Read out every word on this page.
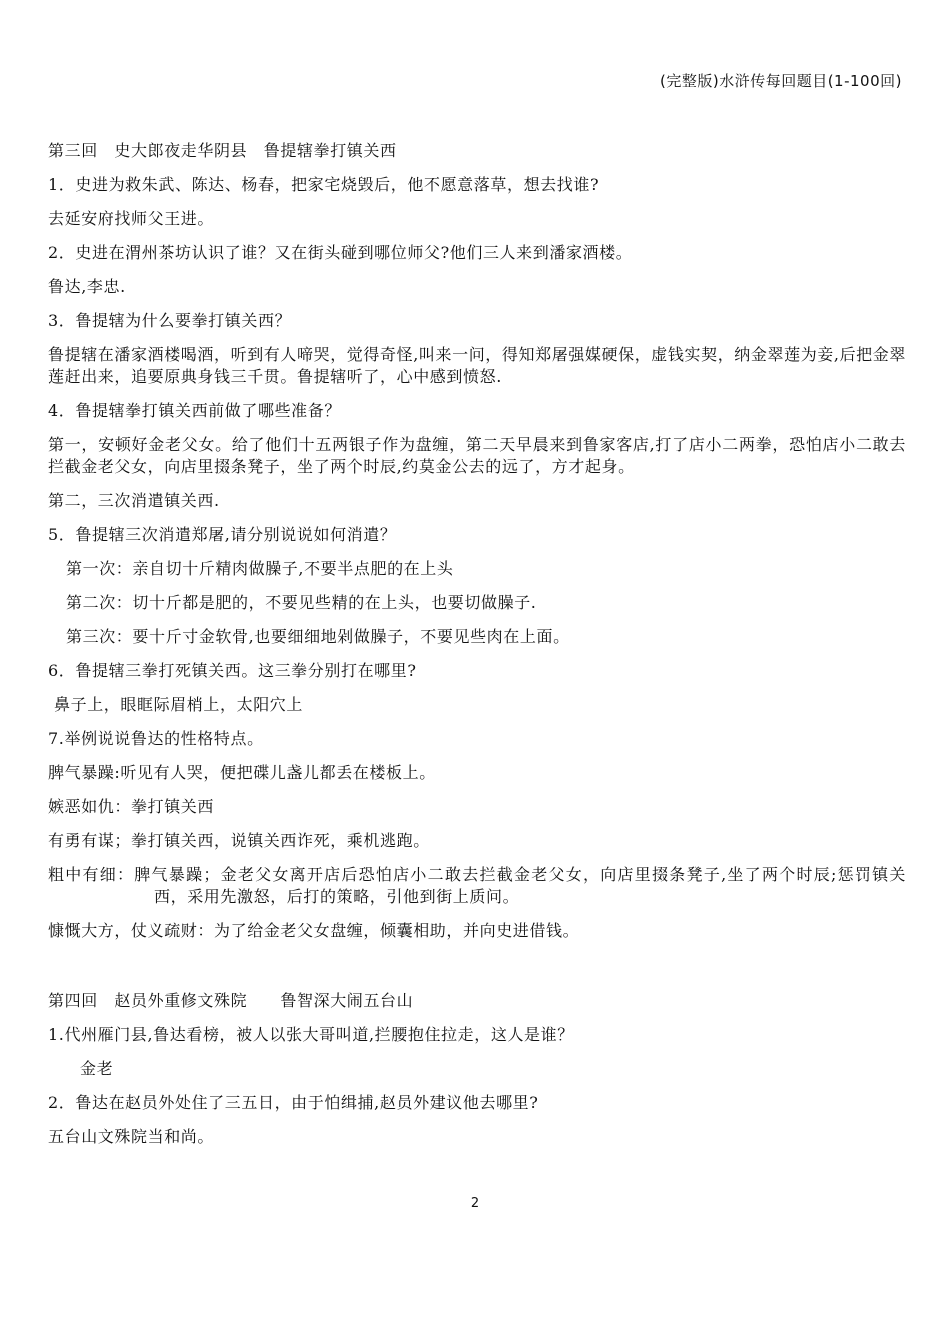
(完整版)水浒传每回题目(1-100回)

第三回　史大郎夜走华阴县　鲁提辖拳打镇关西

1．史进为救朱武、陈达、杨春，把家宅烧毁后，他不愿意落草，想去找谁?

去延安府找师父王进。

2．史进在渭州茶坊认识了谁？又在街头碰到哪位师父?他们三人来到潘家酒楼。

鲁达,李忠.

3．鲁提辖为什么要拳打镇关西？

鲁提辖在潘家酒楼喝酒，听到有人啼哭，觉得奇怪,叫来一问，得知郑屠强媒硬保，虚钱实契，纳金翠莲为妾,后把金翠莲赶出来，追要原典身钱三千贯。鲁提辖听了，心中感到愤怒.

4．鲁提辖拳打镇关西前做了哪些准备？

第一，安顿好金老父女。给了他们十五两银子作为盘缠，第二天早晨来到鲁家客店,打了店小二两拳，恐怕店小二敢去拦截金老父女，向店里掇条凳子，坐了两个时辰,约莫金公去的远了，方才起身。

第二，三次消遣镇关西.

5．鲁提辖三次消遣郑屠,请分别说说如何消遣？

第一次：亲自切十斤精肉做臊子,不要半点肥的在上头

第二次：切十斤都是肥的，不要见些精的在上头，也要切做臊子.

第三次：要十斤寸金软骨,也要细细地剁做臊子，不要见些肉在上面。

6．鲁提辖三拳打死镇关西。这三拳分别打在哪里?

鼻子上，眼眶际眉梢上，太阳穴上

7.举例说说鲁达的性格特点。

脾气暴躁:听见有人哭，便把碟儿盏儿都丢在楼板上。

嫉恶如仇：拳打镇关西

有勇有谋；拳打镇关西，说镇关西诈死，乘机逃跑。

粗中有细：脾气暴躁；金老父女离开店后恐怕店小二敢去拦截金老父女，向店里掇条凳子,坐了两个时辰;惩罚镇关西，采用先激怒，后打的策略，引他到街上质问。

慷慨大方，仗义疏财：为了给金老父女盘缠，倾囊相助，并向史进借钱。

第四回　赵员外重修文殊院　　鲁智深大闹五台山

1.代州雁门县,鲁达看榜，被人以张大哥叫道,拦腰抱住拉走，这人是谁？

金老

2．鲁达在赵员外处住了三五日，由于怕缉捕,赵员外建议他去哪里?

五台山文殊院当和尚。

2
